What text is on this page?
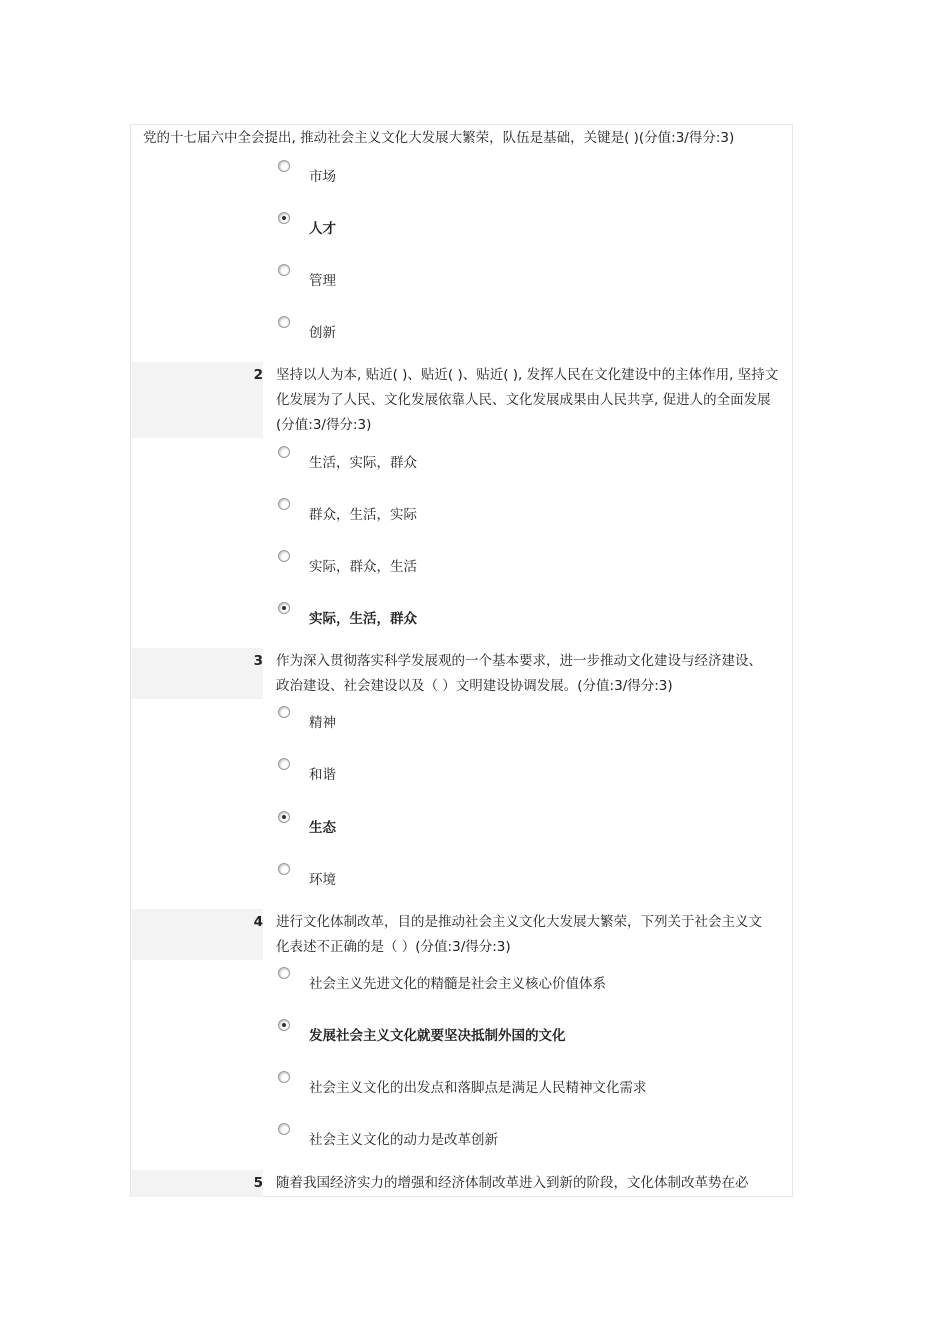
党的十七届六中全会提出, 推动社会主义文化大发展大繁荣，队伍是基础，关键是( )(分值:3/得分:3)
市场
人才
管理
创新
2 坚持以人为本, 贴近( )、贴近( )、贴近( ), 发挥人民在文化建设中的主体作用, 坚持文
化发展为了人民、文化发展依靠人民、文化发展成果由人民共享, 促进人的全面发展
(分值:3/得分:3)
生活，实际，群众
群众，生活，实际
实际，群众，生活
实际，生活，群众
3 作为深入贯彻落实科学发展观的一个基本要求，进一步推动文化建设与经济建设、
政治建设、社会建设以及（ ）文明建设协调发展。(分值:3/得分:3)
精神
和谐
生态
环境
4 进行文化体制改革，目的是推动社会主义文化大发展大繁荣，下列关于社会主义文
化表述不正确的是（ ）(分值:3/得分:3)
社会主义先进文化的精髓是社会主义核心价值体系
发展社会主义文化就要坚决抵制外国的文化
社会主义文化的出发点和落脚点是满足人民精神文化需求
社会主义文化的动力是改革创新
5 随着我国经济实力的增强和经济体制改革进入到新的阶段，文化体制改革势在必
